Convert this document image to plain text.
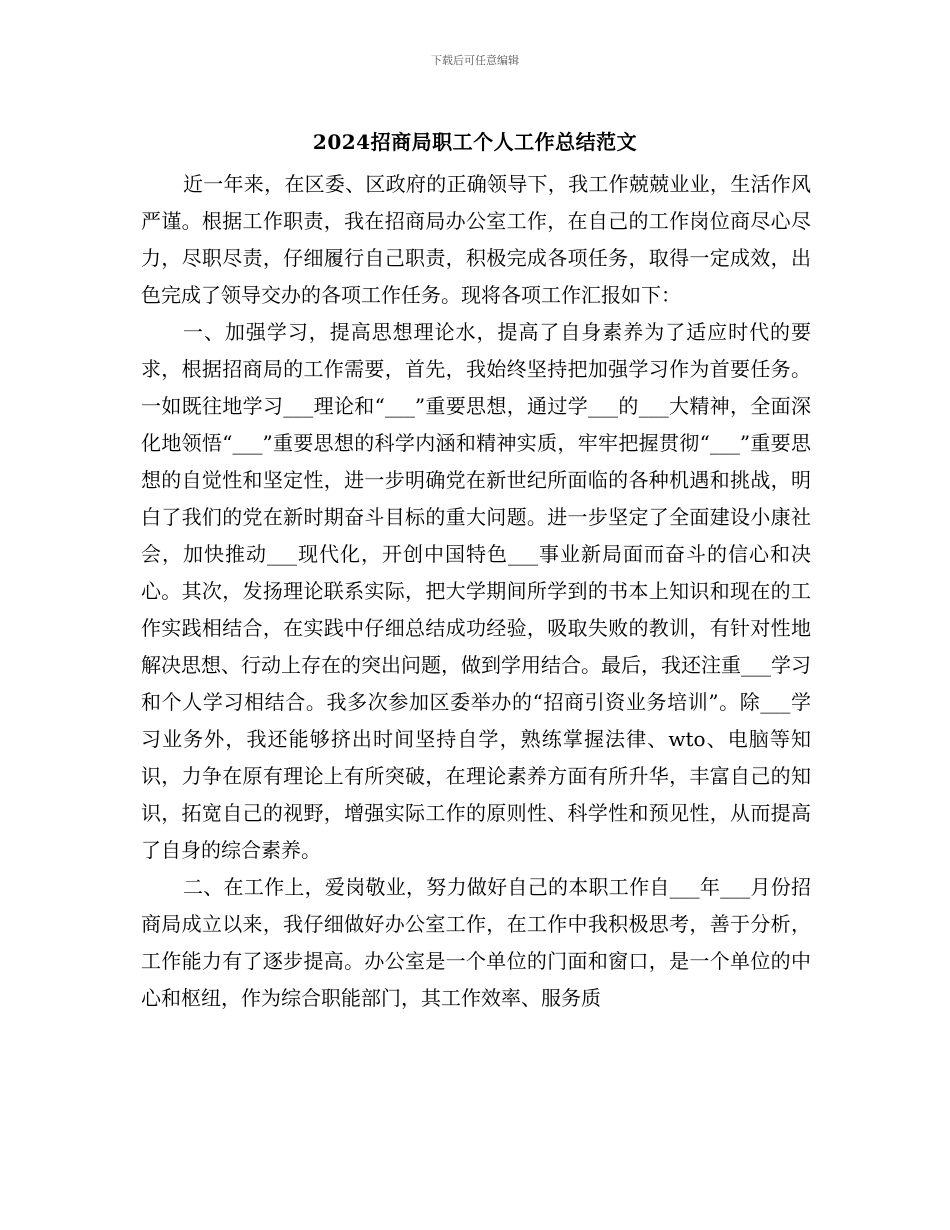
下载后可任意编辑
2024招商局职工个人工作总结范文

近一年来，在区委、区政府的正确领导下，我工作兢兢业业，生活作风严谨。根据工作职责，我在招商局办公室工作，在自己的工作岗位商尽心尽力，尽职尽责，仔细履行自己职责，积极完成各项任务，取得一定成效，出色完成了领导交办的各项工作任务。现将各项工作汇报如下：

一、加强学习，提高思想理论水，提高了自身素养为了适应时代的要求，根据招商局的工作需要，首先，我始终坚持把加强学习作为首要任务。一如既往地学习___理论和“___”重要思想，通过学___的___大精神，全面深化地领悟“___”重要思想的科学内涵和精神实质，牢牢把握贯彻“___”重要思想的自觉性和坚定性，进一步明确党在新世纪所面临的各种机遇和挑战，明白了我们的党在新时期奋斗目标的重大问题。进一步坚定了全面建设小康社会，加快推动___现代化，开创中国特色___事业新局面而奋斗的信心和决心。其次，发扬理论联系实际，把大学期间所学到的书本上知识和现在的工作实践相结合，在实践中仔细总结成功经验，吸取失败的教训，有针对性地解决思想、行动上存在的突出问题，做到学用结合。最后，我还注重___学习和个人学习相结合。我多次参加区委举办的“招商引资业务培训”。除___学习业务外，我还能够挤出时间坚持自学，熟练掌握法律、wto、电脑等知识，力争在原有理论上有所突破，在理论素养方面有所升华，丰富自己的知识，拓宽自己的视野，增强实际工作的原则性、科学性和预见性，从而提高了自身的综合素养。

二、在工作上，爱岗敬业，努力做好自己的本职工作自___年___月份招商局成立以来，我仔细做好办公室工作，在工作中我积极思考，善于分析，工作能力有了逐步提高。办公室是一个单位的门面和窗口，是一个单位的中心和枢纽，作为综合职能部门，其工作效率、服务质
